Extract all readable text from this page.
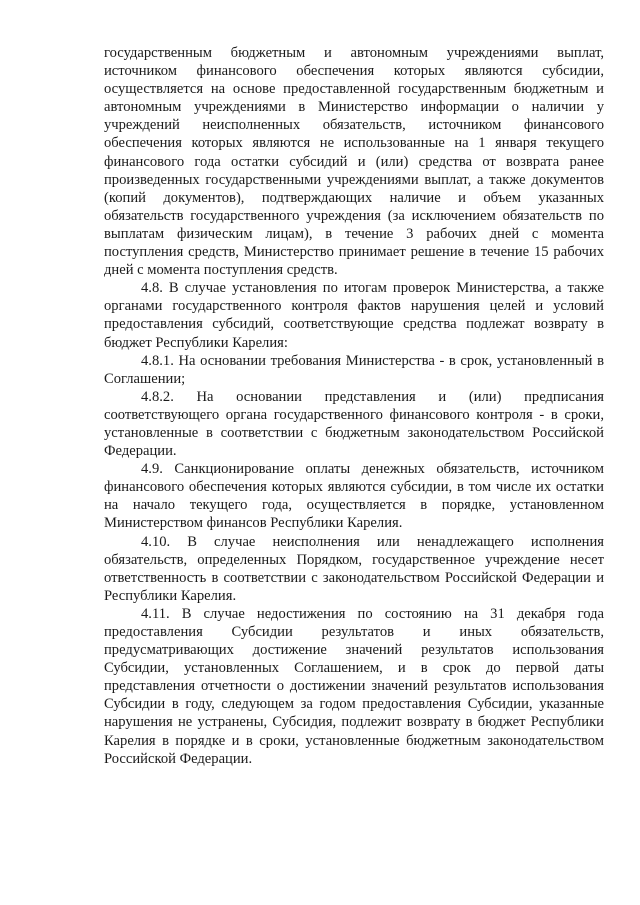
государственным бюджетным и автономным учреждениями выплат, источником финансового обеспечения которых являются субсидии, осуществляется на основе предоставленной государственным бюджетным и автономным учреждениями в Министерство информации о наличии у учреждений неисполненных обязательств, источником финансового обеспечения которых являются не использованные на 1 января текущего финансового года остатки субсидий и (или) средства от возврата ранее произведенных государственными учреждениями выплат, а также документов (копий документов), подтверждающих наличие и объем указанных обязательств государственного учреждения (за исключением обязательств по выплатам физическим лицам), в течение 3 рабочих дней с момента поступления средств, Министерство принимает решение в течение 15 рабочих дней с момента поступления средств.

4.8. В случае установления по итогам проверок Министерства, а также органами государственного контроля фактов нарушения целей и условий предоставления субсидий, соответствующие средства подлежат возврату в бюджет Республики Карелия:

4.8.1. На основании требования Министерства - в срок, установленный в Соглашении;

4.8.2. На основании представления и (или) предписания соответствующего органа государственного финансового контроля - в сроки, установленные в соответствии с бюджетным законодательством Российской Федерации.

4.9. Санкционирование оплаты денежных обязательств, источником финансового обеспечения которых являются субсидии, в том числе их остатки на начало текущего года, осуществляется в порядке, установленном Министерством финансов Республики Карелия.

4.10. В случае неисполнения или ненадлежащего исполнения обязательств, определенных Порядком, государственное учреждение несет ответственность в соответствии с законодательством Российской Федерации и Республики Карелия.

4.11. В случае недостижения по состоянию на 31 декабря года предоставления Субсидии результатов и иных обязательств, предусматривающих достижение значений результатов использования Субсидии, установленных Соглашением, и в срок до первой даты представления отчетности о достижении значений результатов использования Субсидии в году, следующем за годом предоставления Субсидии, указанные нарушения не устранены, Субсидия, подлежит возврату в бюджет Республики Карелия в порядке и в сроки, установленные бюджетным законодательством Российской Федерации.
